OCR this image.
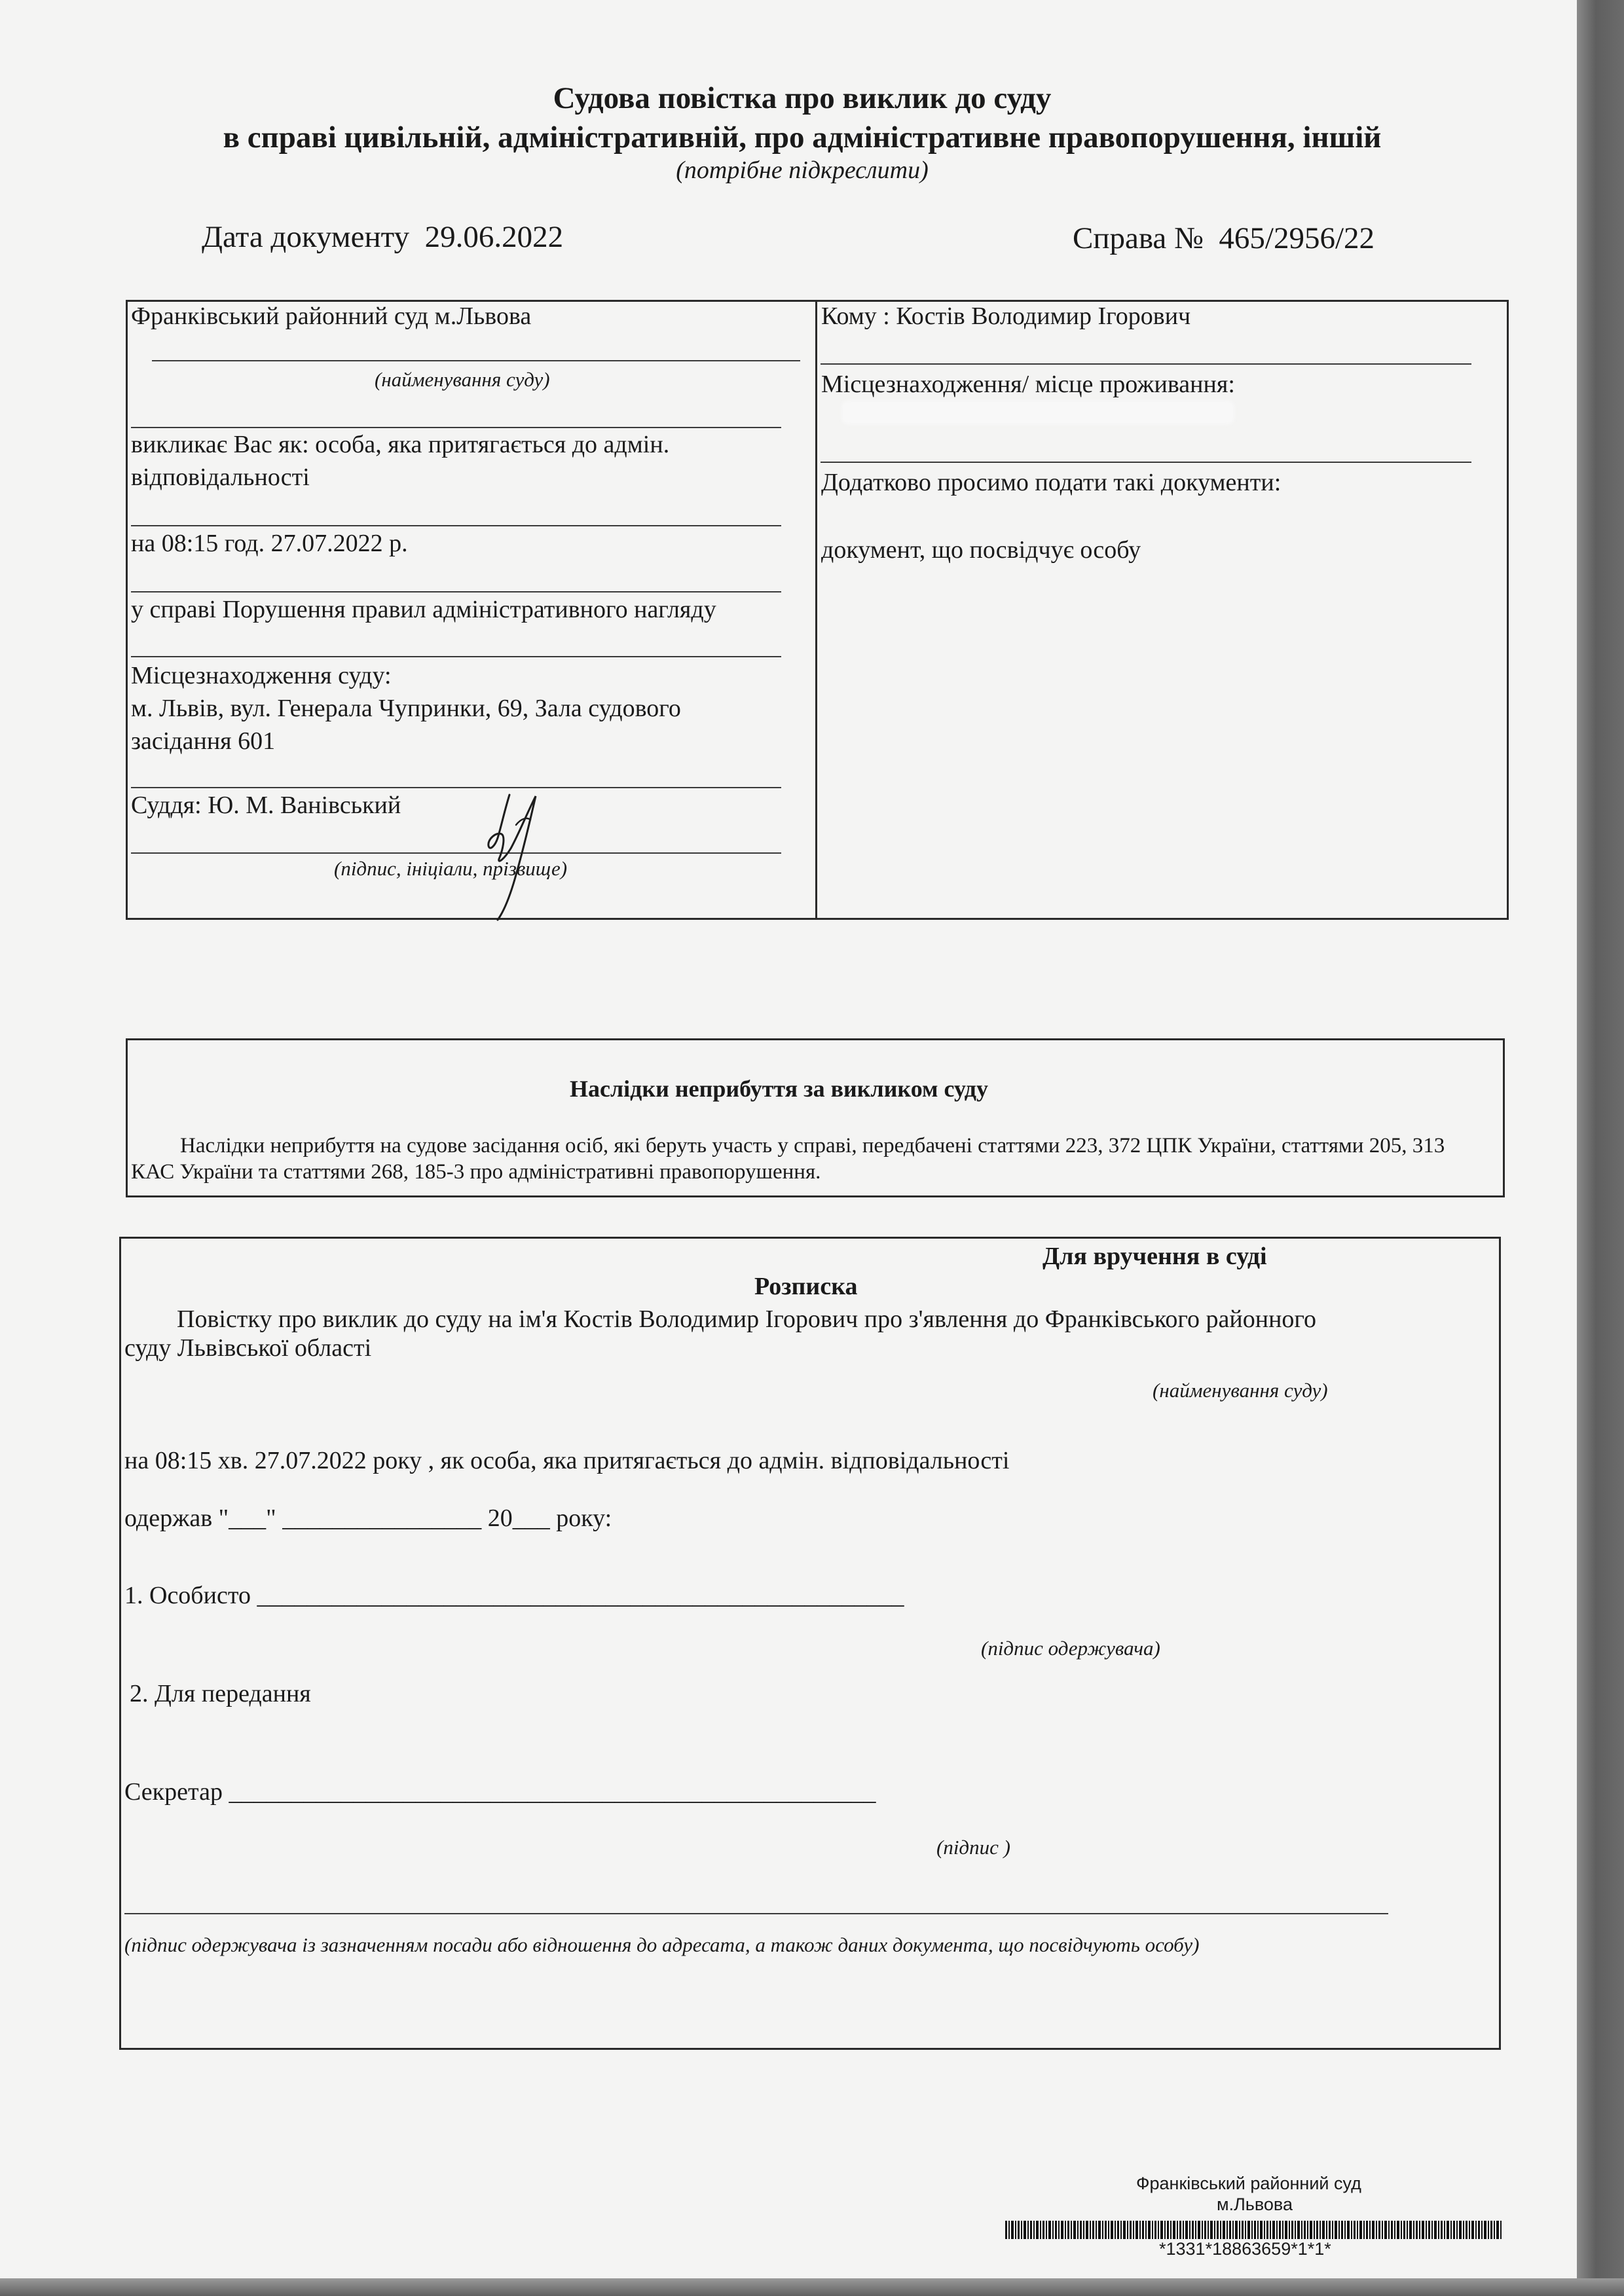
Судова повістка про виклик до суду
в справі цивільній, адміністративній, про адміністративне правопорушення, іншій
(потрібне підкреслити)
Дата документу 29.06.2022	Справа № 465/2956/22
Франківський районний суд м.Львова
(найменування суду)
викликає Вас як: особа, яка притягається до адмін. відповідальності
на 08:15 год. 27.07.2022 р.
у справі Порушення правил адміністративного нагляду
Місцезнаходження суду:
м. Львів, вул. Генерала Чупринки, 69, Зала судового засідання 601
Суддя: Ю. М. Ванівський
(підпис, ініціали, прізвище)
Кому : Костів Володимир Ігорович
Місцезнаходження/ місце проживання:
Додатково просимо подати такі документи:
документ, що посвідчує особу
Наслідки неприбуття за викликом суду
Наслідки неприбуття на судове засідання осіб, які беруть участь у справі, передбачені статтями 223, 372 ЦПК України, статтями 205, 313 КАС України та статтями 268, 185-3 про адміністративні правопорушення.
Для вручення в суді
Розписка
Повістку про виклик до суду на ім'я Костів Володимир Ігорович про з'явлення до Франківського районного
суду Львівської області
(найменування суду)
на 08:15 хв. 27.07.2022 року , як особа, яка притягається до адмін. відповідальності
одержав "___" ________________ 20___ року:
1. Особисто ____________________________________________________
(підпис одержувача)
2. Для передання
Секретар ____________________________________________________
(підпис )
(підпис одержувача із зазначенням посади або відношення до адресата, а також даних документа, що посвідчують особу)
Франківський районний суд
м.Львова
*1331*18863659*1*1*
